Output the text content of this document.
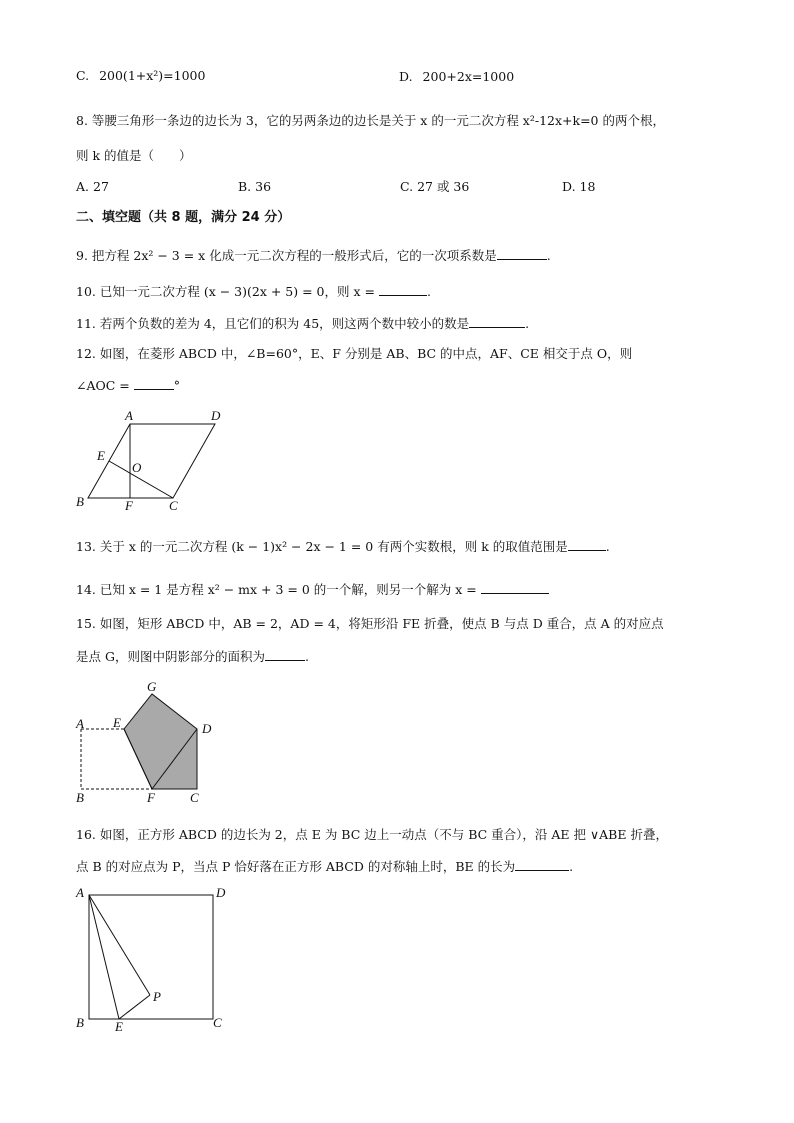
C. 200(1+x²)=1000	D. 200+2x=1000
8. 等腰三角形一条边的边长为 3，它的另两条边的边长是关于 x 的一元二次方程 x²-12x+k=0 的两个根，
则 k 的值是（　　）
A. 27	B. 36	C. 27 或 36	D. 18
二、填空题（共 8 题，满分 24 分）
9. 把方程 2x² − 3 = x 化成一元二次方程的一般形式后，它的一次项系数是	.
10. 已知一元二次方程 (x − 3)(2x + 5) = 0，则 x =	.
11. 若两个负数的差为 4，且它们的积为 45，则这两个数中较小的数是	.
12. 如图，在菱形 ABCD 中，∠B=60°，E、F 分别是 AB、BC 的中点，AF、CE 相交于点 O，则
∠AOC =	°
A	D
E
O
B	F	C
13. 关于 x 的一元二次方程 (k − 1)x² − 2x − 1 = 0 有两个实数根，则 k 的取值范围是	.
14. 已知 x = 1 是方程 x² − mx + 3 = 0 的一个解，则另一个解为 x =
15. 如图，矩形 ABCD 中，AB = 2，AD = 4，将矩形沿 FE 折叠，使点 B 与点 D 重合，点 A 的对应点
是点 G，则图中阴影部分的面积为	.
G
A E	D
B	F	C
16. 如图，正方形 ABCD 的边长为 2，点 E 为 BC 边上一动点（不与 BC 重合），沿 AE 把 ∨ABE 折叠，
点 B 的对应点为 P，当点 P 恰好落在正方形 ABCD 的对称轴上时，BE 的长为	.
A	D
P
B E	C
